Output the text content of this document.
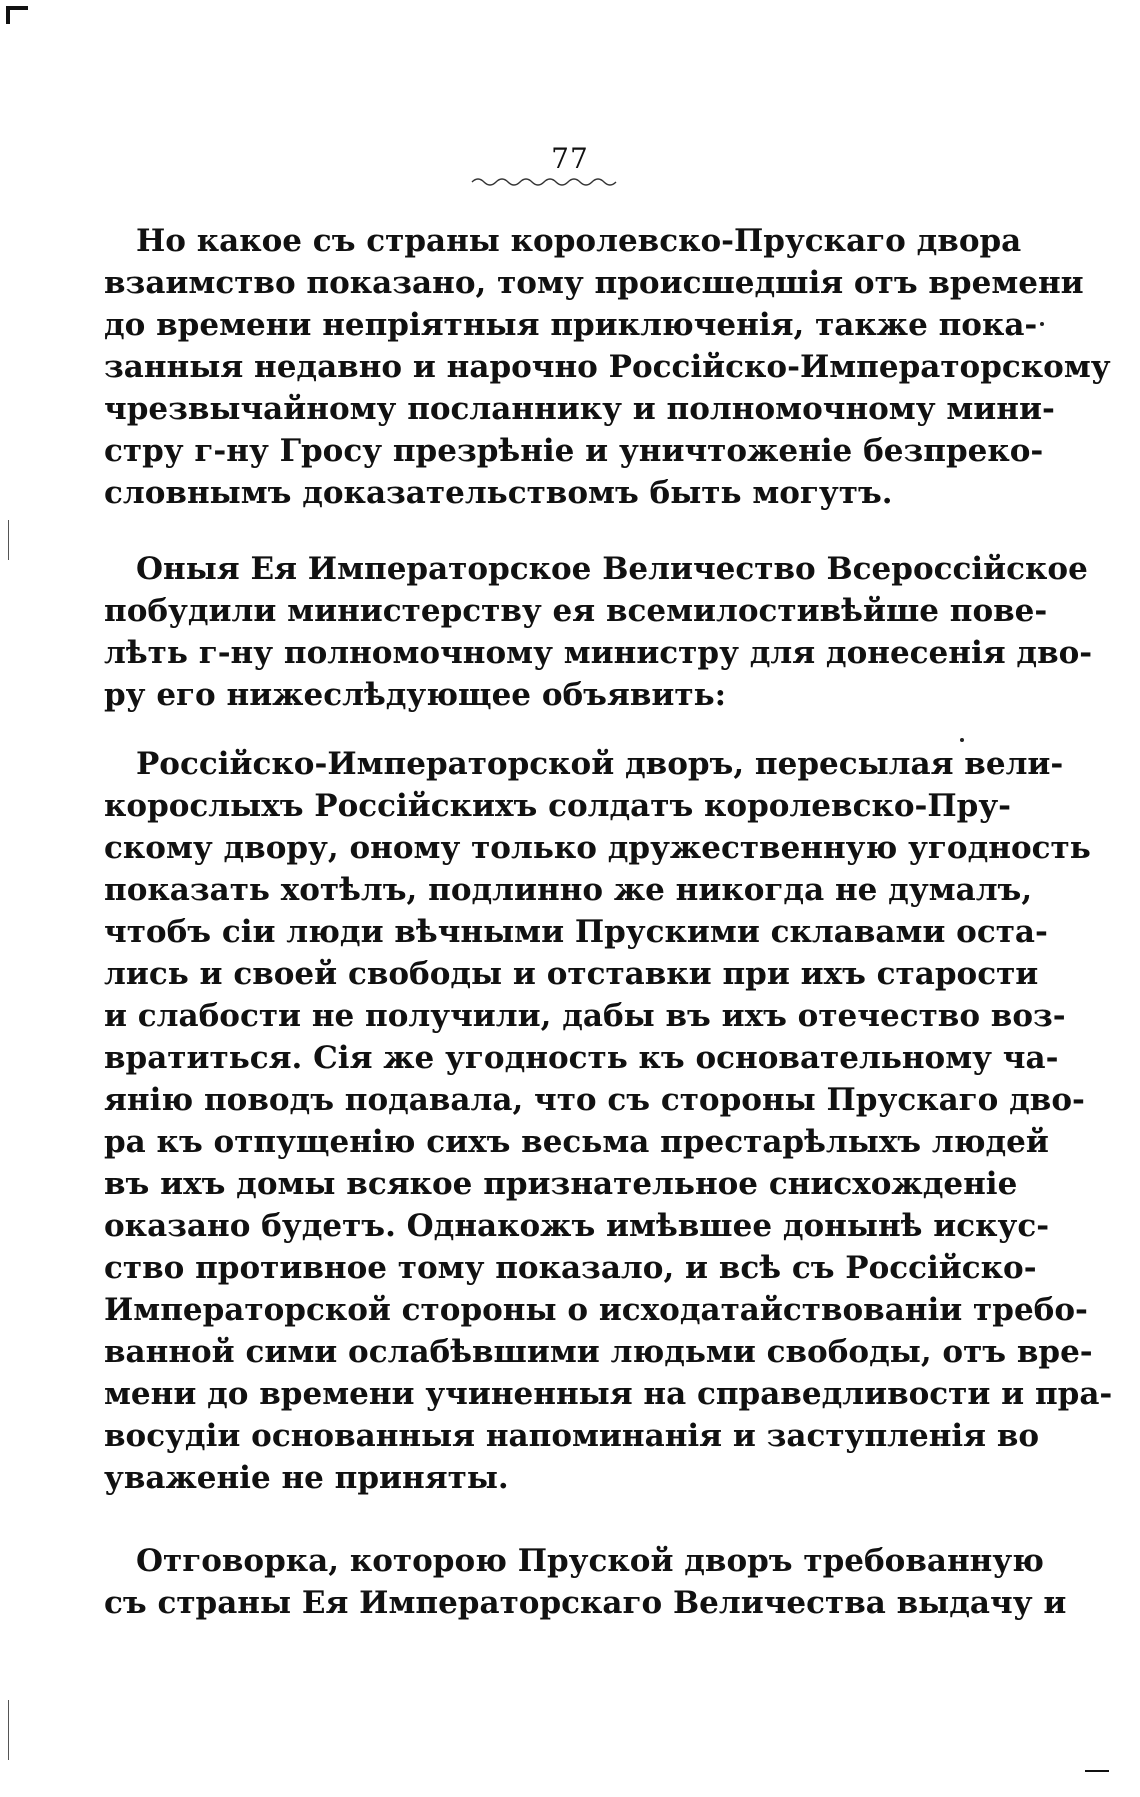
77
Но какое съ страны королевско-Прускаго двора
взаимство показано, тому происшедшія отъ времени
до времени непріятныя приключенія, также пока-
занныя недавно и нарочно Россійско-Императорскому
чрезвычайному посланнику и полномочному мини-
стру г-ну Гросу презрѣніе и уничтоженіе безпреко-
словнымъ доказательствомъ быть могутъ.
Оныя Ея Императорское Величество Всероссійское
побудили министерству ея всемилостивѣйше пове-
лѣть г-ну полномочному министру для донесенія дво-
ру его нижеслѣдующее объявить:
Россійско-Императорской дворъ, пересылая вели-
корослыхъ Россійскихъ солдатъ королевско-Пру-
скому двору, оному только дружественную угодность
показать хотѣлъ, подлинно же никогда не думалъ,
чтобъ сіи люди вѣчными Прускими склавами оста-
лись и своей свободы и отставки при ихъ старости
и слабости не получили, дабы въ ихъ отечество воз-
вратиться. Сія же угодность къ основательному ча-
янію поводъ подавала, что съ стороны Прускаго дво-
ра къ отпущенію сихъ весьма престарѣлыхъ людей
въ ихъ домы всякое признательное снисхожденіе
оказано будетъ. Однакожъ имѣвшее донынѣ искус-
ство противное тому показало, и всѣ съ Россійско-
Императорской стороны о исходатайствованіи требо-
ванной сими ослабѣвшими людьми свободы, отъ вре-
мени до времени учиненныя на справедливости и пра-
восудіи основанныя напоминанія и заступленія во
уваженіе не приняты.
Отговорка, которою Пруской дворъ требованную
съ страны Ея Императорскаго Величества выдачу и
